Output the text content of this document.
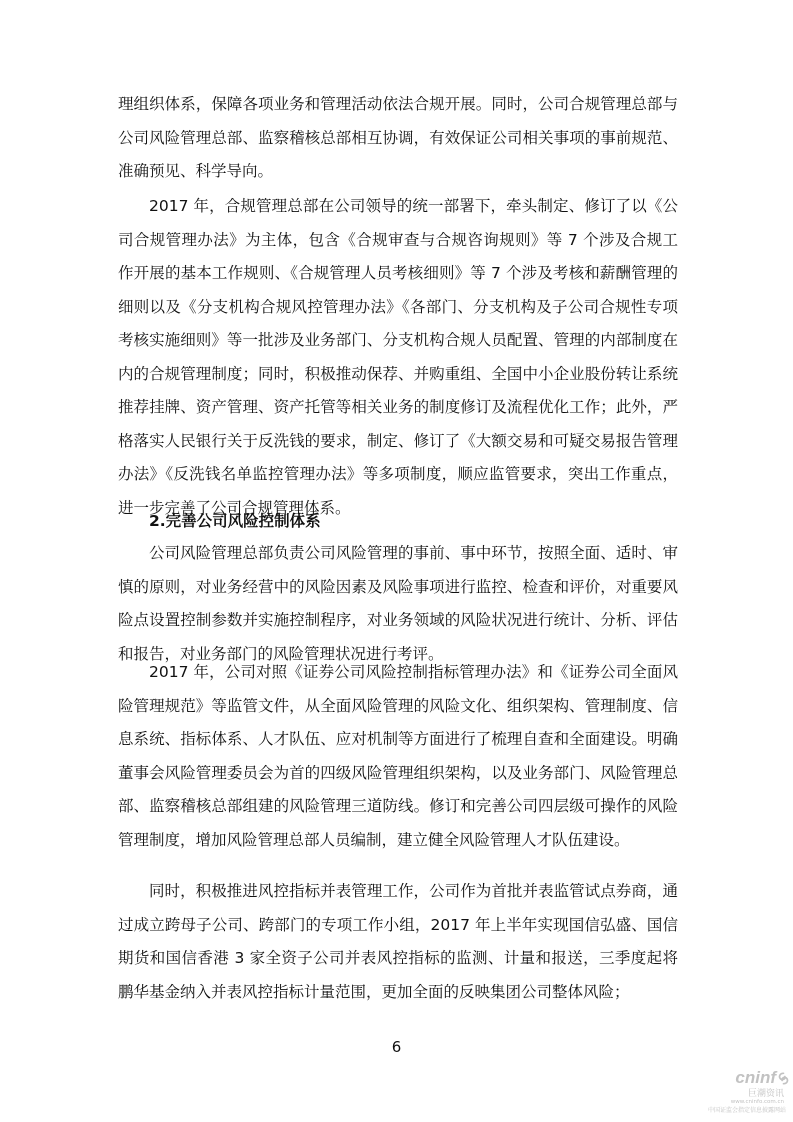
理组织体系，保障各项业务和管理活动依法合规开展。同时，公司合规管理总部与公司风险管理总部、监察稽核总部相互协调，有效保证公司相关事项的事前规范、准确预见、科学导向。

2017 年，合规管理总部在公司领导的统一部署下，牵头制定、修订了以《公司合规管理办法》为主体，包含《合规审查与合规咨询规则》等 7 个涉及合规工作开展的基本工作规则、《合规管理人员考核细则》等 7 个涉及考核和薪酬管理的细则以及《分支机构合规风控管理办法》《各部门、分支机构及子公司合规性专项考核实施细则》等一批涉及业务部门、分支机构合规人员配置、管理的内部制度在内的合规管理制度；同时，积极推动保荐、并购重组、全国中小企业股份转让系统推荐挂牌、资产管理、资产托管等相关业务的制度修订及流程优化工作；此外，严格落实人民银行关于反洗钱的要求，制定、修订了《大额交易和可疑交易报告管理办法》《反洗钱名单监控管理办法》等多项制度，顺应监管要求，突出工作重点，进一步完善了公司合规管理体系。

2.完善公司风险控制体系

公司风险管理总部负责公司风险管理的事前、事中环节，按照全面、适时、审慎的原则，对业务经营中的风险因素及风险事项进行监控、检查和评价，对重要风险点设置控制参数并实施控制程序，对业务领域的风险状况进行统计、分析、评估和报告，对业务部门的风险管理状况进行考评。

2017 年，公司对照《证券公司风险控制指标管理办法》和《证券公司全面风险管理规范》等监管文件，从全面风险管理的风险文化、组织架构、管理制度、信息系统、指标体系、人才队伍、应对机制等方面进行了梳理自查和全面建设。明确董事会风险管理委员会为首的四级风险管理组织架构，以及业务部门、风险管理总部、监察稽核总部组建的风险管理三道防线。修订和完善公司四层级可操作的风险管理制度，增加风险管理总部人员编制，建立健全风险管理人才队伍建设。

同时，积极推进风控指标并表管理工作，公司作为首批并表监管试点券商，通过成立跨母子公司、跨部门的专项工作小组，2017 年上半年实现国信弘盛、国信期货和国信香港 3 家全资子公司并表风控指标的监测、计量和报送，三季度起将鹏华基金纳入并表风控指标计量范围，更加全面的反映集团公司整体风险；

6
cninf
巨潮资讯
www.cninfo.com.cn
中国证监会指定信息披露网站
